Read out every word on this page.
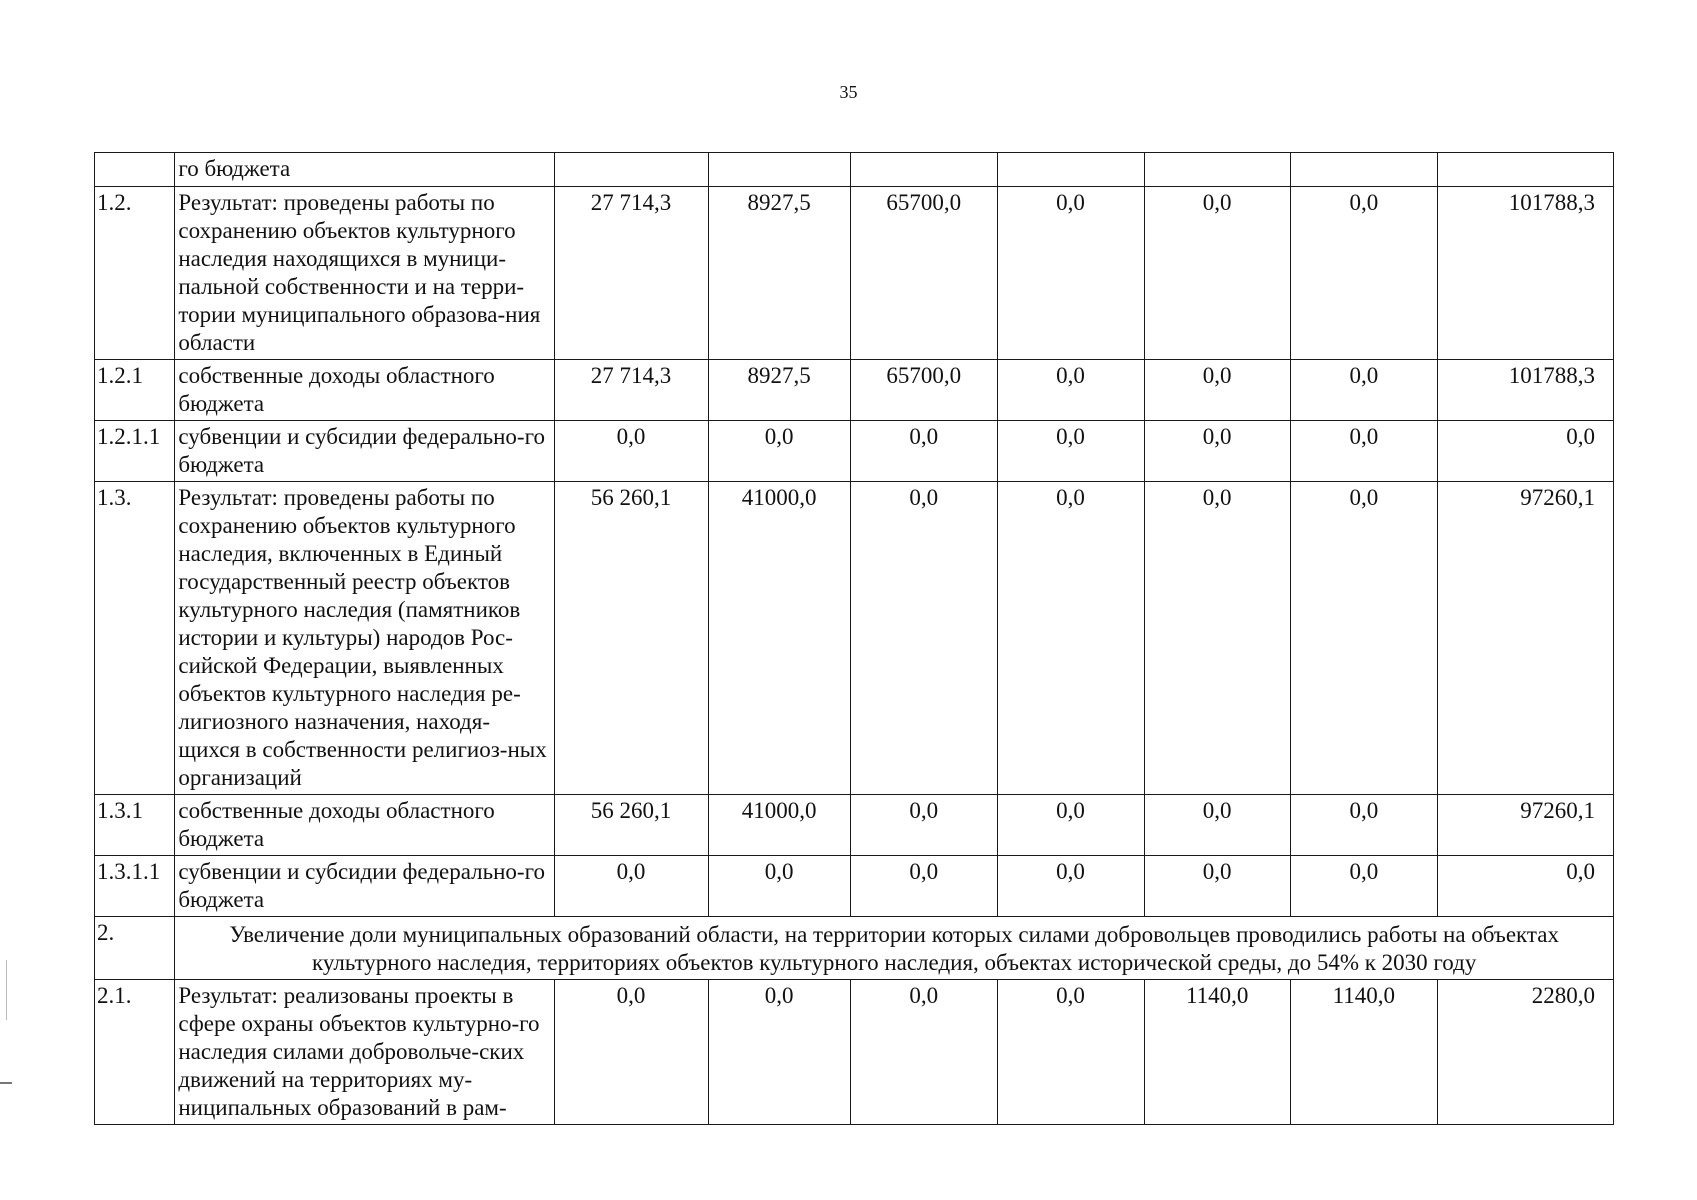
35
	го бюджета							
1.2.	Результат: проведены работы по сохранению объектов культурного наследия находящихся в муници-пальной собственности и на терри-тории муниципального образова-ния области	27 714,3	8927,5	65700,0	0,0	0,0	0,0	101788,3
1.2.1	собственные доходы областного бюджета	27 714,3	8927,5	65700,0	0,0	0,0	0,0	101788,3
1.2.1.1	субвенции и субсидии федерально-го бюджета	0,0	0,0	0,0	0,0	0,0	0,0	0,0
1.3.	Результат: проведены работы по сохранению объектов культурного наследия, включенных в Единый государственный реестр объектов культурного наследия (памятников истории и культуры) народов Рос-сийской Федерации, выявленных объектов культурного наследия ре-лигиозного назначения, находя-щихся в собственности религиоз-ных организаций	56 260,1	41000,0	0,0	0,0	0,0	0,0	97260,1
1.3.1	собственные доходы областного бюджета	56 260,1	41000,0	0,0	0,0	0,0	0,0	97260,1
1.3.1.1	субвенции и субсидии федерально-го бюджета	0,0	0,0	0,0	0,0	0,0	0,0	0,0
2.	Увеличение доли муниципальных образований области, на территории которых силами добровольцев проводились работы на объектах культурного наследия, территориях объектов культурного наследия, объектах исторической среды, до 54% к 2030 году							
2.1.	Результат: реализованы проекты в сфере охраны объектов культурно-го наследия силами добровольче-ских движений на территориях му-ниципальных образований в рам-	0,0	0,0	0,0	0,0	1140,0	1140,0	2280,0
